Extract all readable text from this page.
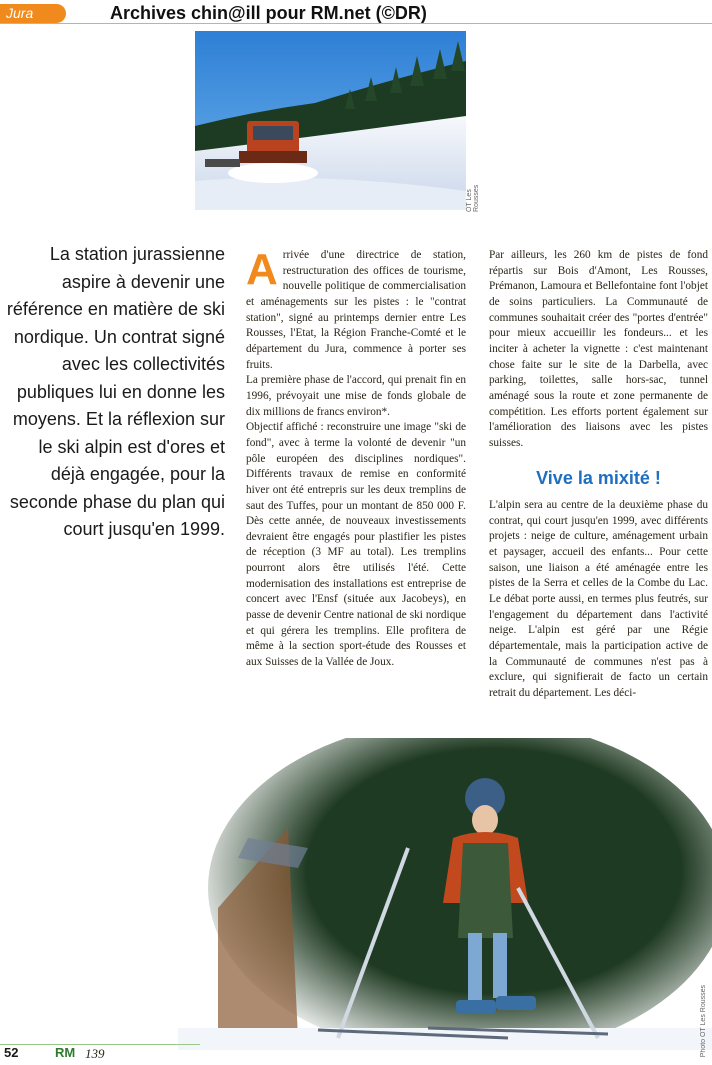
Jura	Archives chin@ill pour RM.net (©DR)
OT Les Rousses
La station jurassienne aspire à devenir une référence en matière de ski nordique. Un contrat signé avec les collectivités publiques lui en donne les moyens. Et la réflexion sur le ski alpin est d'ores et déjà engagée, pour la seconde phase du plan qui court jusqu'en 1999.

Arrivée d'une directrice de station, restructuration des offices de tourisme, nouvelle politique de commercialisation et aménagements sur les pistes : le "contrat station", signé au printemps dernier entre Les Rousses, l'Etat, la Région Franche-Comté et le département du Jura, commence à porter ses fruits.

La première phase de l'accord, qui prenait fin en 1996, prévoyait une mise de fonds globale de dix millions de francs environ*.

Objectif affiché : reconstruire une image "ski de fond", avec à terme la volonté de devenir "un pôle européen des disciplines nordiques". Différents travaux de remise en conformité hiver ont été entrepris sur les deux tremplins de saut des Tuffes, pour un montant de 850 000 F. Dès cette année, de nouveaux investissements devraient être engagés pour plastifier les pistes de réception (3 MF au total). Les tremplins pourront alors être utilisés l'été. Cette modernisation des installations est entreprise de concert avec l'Ensf (située aux Jacobeys), en passe de devenir Centre national de ski nordique et qui gérera les tremplins. Elle profitera de même à la section sport-étude des Rousses et aux Suisses de la Vallée de Joux.

Par ailleurs, les 260 km de pistes de fond répartis sur Bois d'Amont, Les Rousses, Prémanon, Lamoura et Bellefontaine font l'objet de soins particuliers. La Communauté de communes souhaitait créer des "portes d'entrée" pour mieux accueillir les fondeurs... et les inciter à acheter la vignette : c'est maintenant chose faite sur le site de la Darbella, avec parking, toilettes, salle hors-sac, tunnel aménagé sous la route et zone permanente de compétition. Les efforts portent également sur l'amélioration des liaisons avec les pistes suisses.

Vive la mixité !

L'alpin sera au centre de la deuxième phase du contrat, qui court jusqu'en 1999, avec différents projets : neige de culture, aménagement urbain et paysager, accueil des enfants... Pour cette saison, une liaison a été aménagée entre les pistes de la Serra et celles de la Combe du Lac. Le débat porte aussi, en termes plus feutrés, sur l'engagement du département dans l'activité neige. L'alpin est géré par une Régie départementale, mais la participation active de la Communauté de communes n'est pas à exclure, qui signifierait de facto un certain retrait du département. Les déci-

Photo OT Les Rousses
52	RM 139
